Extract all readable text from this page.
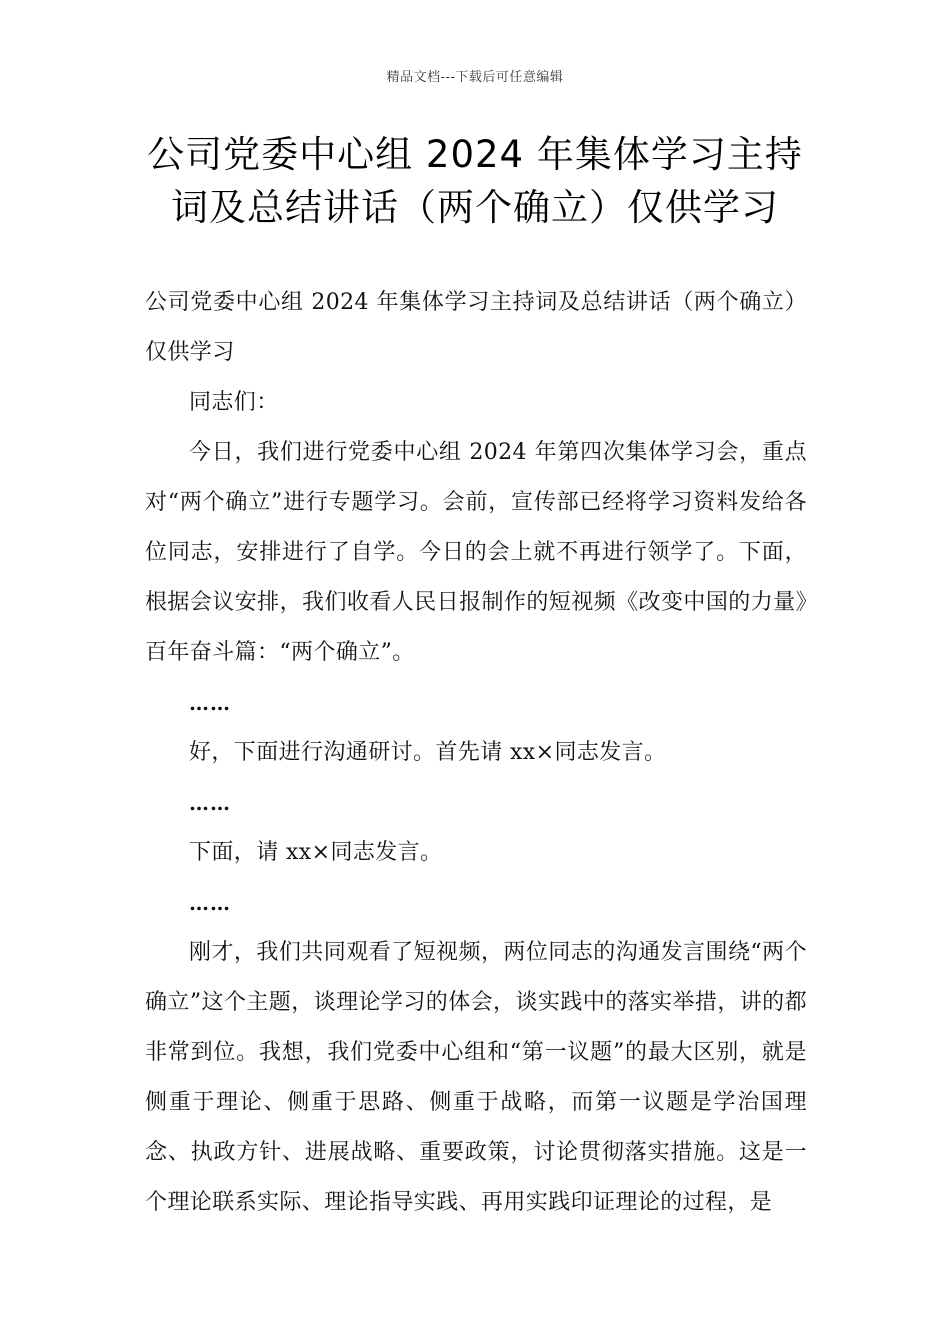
精品文档---下载后可任意编辑
公司党委中心组 2024 年集体学习主持
词及总结讲话（两个确立）仅供学习

公司党委中心组 2024 年集体学习主持词及总结讲话（两个确立）仅供学习

同志们：

今日，我们进行党委中心组 2024 年第四次集体学习会，重点对“两个确立”进行专题学习。会前，宣传部已经将学习资料发给各位同志，安排进行了自学。今日的会上就不再进行领学了。下面，根据会议安排，我们收看人民日报制作的短视频《改变中国的力量》百年奋斗篇：“两个确立”。

……

好，下面进行沟通研讨。首先请 xx×同志发言。

……

下面，请 xx×同志发言。

……

刚才，我们共同观看了短视频，两位同志的沟通发言围绕“两个确立”这个主题，谈理论学习的体会，谈实践中的落实举措，讲的都非常到位。我想，我们党委中心组和“第一议题”的最大区别，就是侧重于理论、侧重于思路、侧重于战略，而第一议题是学治国理念、执政方针、进展战略、重要政策，讨论贯彻落实措施。这是一个理论联系实际、理论指导实践、再用实践印证理论的过程，是
